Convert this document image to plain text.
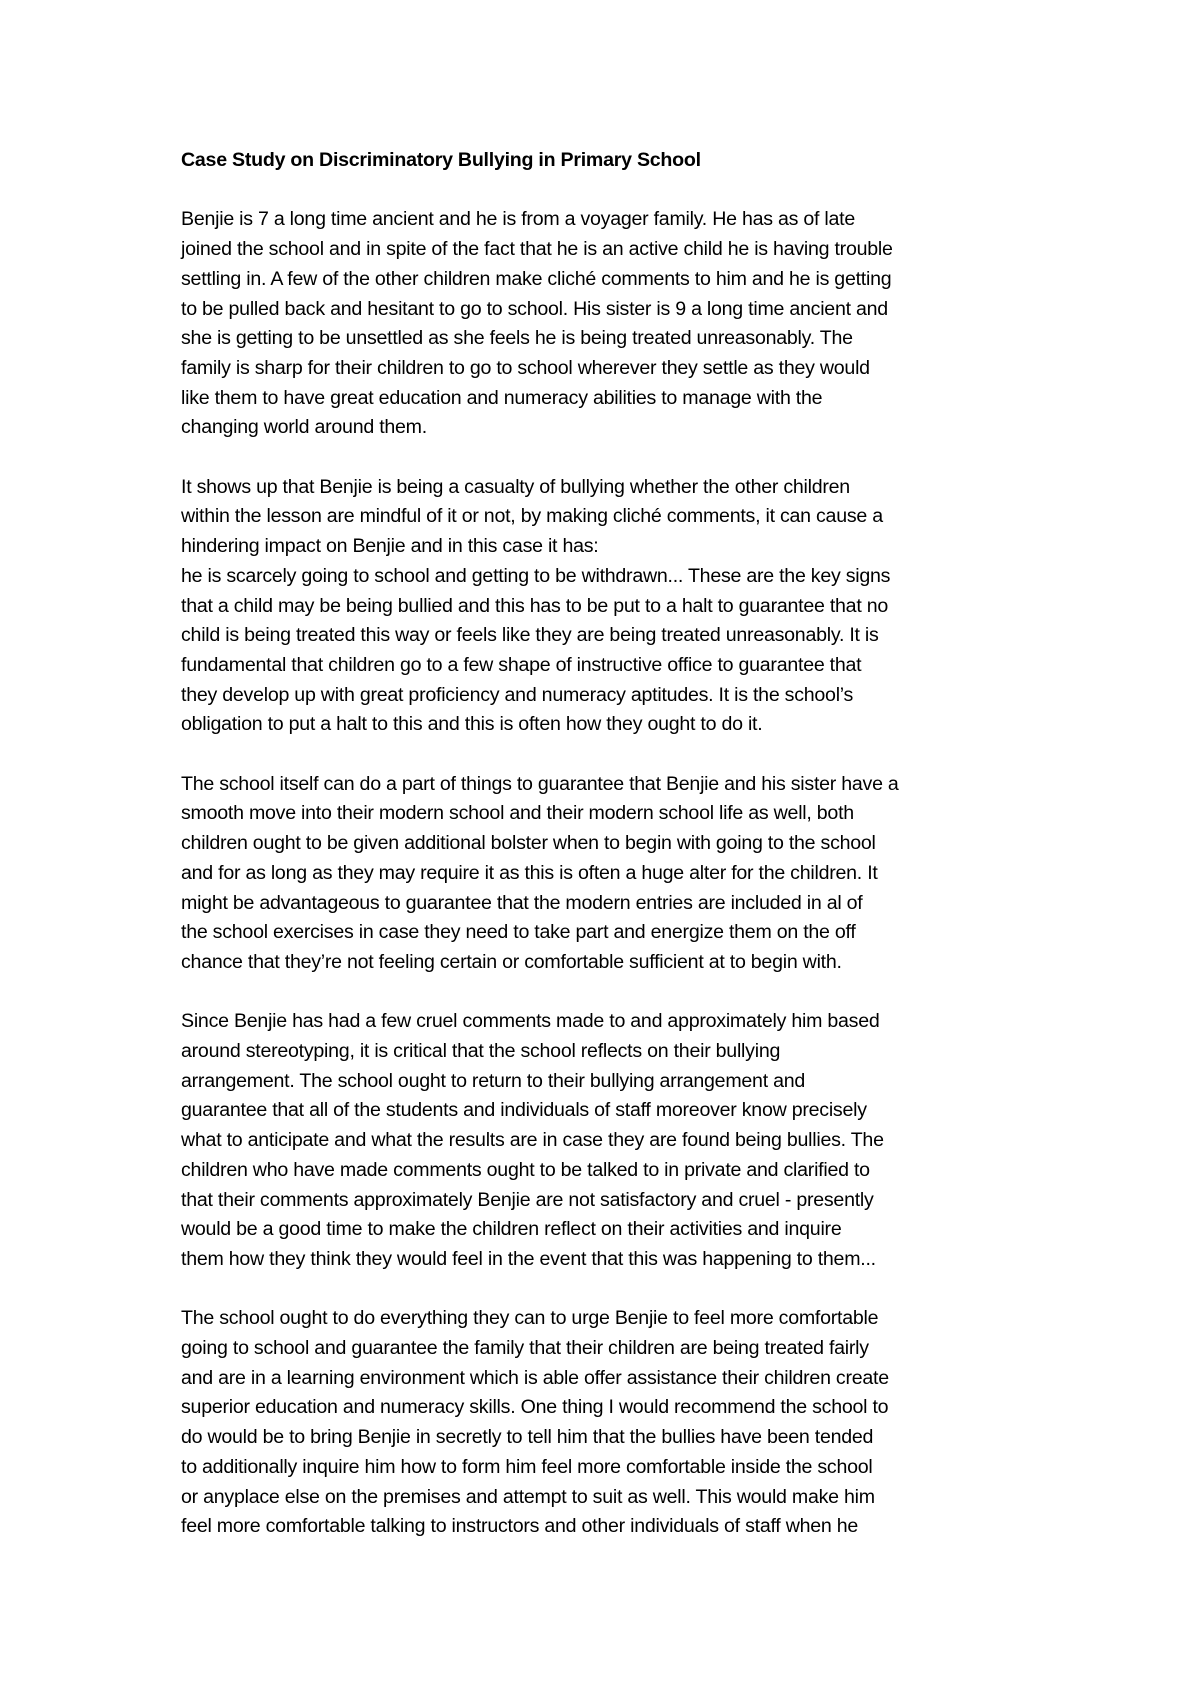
Case Study on Discriminatory Bullying in Primary School
Benjie is 7 a long time ancient and he is from a voyager family. He has as of late
joined the school and in spite of the fact that he is an active child he is having trouble
settling in. A few of the other children make cliché comments to him and he is getting
to be pulled back and hesitant to go to school. His sister is 9 a long time ancient and
she is getting to be unsettled as she feels he is being treated unreasonably. The
family is sharp for their children to go to school wherever they settle as they would
like them to have great education and numeracy abilities to manage with the
changing world around them.
It shows up that Benjie is being a casualty of bullying whether the other children
within the lesson are mindful of it or not, by making cliché comments, it can cause a
hindering impact on Benjie and in this case it has:
he is scarcely going to school and getting to be withdrawn... These are the key signs
that a child may be being bullied and this has to be put to a halt to guarantee that no
child is being treated this way or feels like they are being treated unreasonably. It is
fundamental that children go to a few shape of instructive office to guarantee that
they develop up with great proficiency and numeracy aptitudes. It is the school’s
obligation to put a halt to this and this is often how they ought to do it.
The school itself can do a part of things to guarantee that Benjie and his sister have a
smooth move into their modern school and their modern school life as well, both
children ought to be given additional bolster when to begin with going to the school
and for as long as they may require it as this is often a huge alter for the children. It
might be advantageous to guarantee that the modern entries are included in al of
the school exercises in case they need to take part and energize them on the off
chance that they’re not feeling certain or comfortable sufficient at to begin with.
Since Benjie has had a few cruel comments made to and approximately him based
around stereotyping, it is critical that the school reflects on their bullying
arrangement. The school ought to return to their bullying arrangement and
guarantee that all of the students and individuals of staff moreover know precisely
what to anticipate and what the results are in case they are found being bullies. The
children who have made comments ought to be talked to in private and clarified to
that their comments approximately Benjie are not satisfactory and cruel - presently
would be a good time to make the children reflect on their activities and inquire
them how they think they would feel in the event that this was happening to them...
The school ought to do everything they can to urge Benjie to feel more comfortable
going to school and guarantee the family that their children are being treated fairly
and are in a learning environment which is able offer assistance their children create
superior education and numeracy skills. One thing I would recommend the school to
do would be to bring Benjie in secretly to tell him that the bullies have been tended
to additionally inquire him how to form him feel more comfortable inside the school
or anyplace else on the premises and attempt to suit as well. This would make him
feel more comfortable talking to instructors and other individuals of staff when he
